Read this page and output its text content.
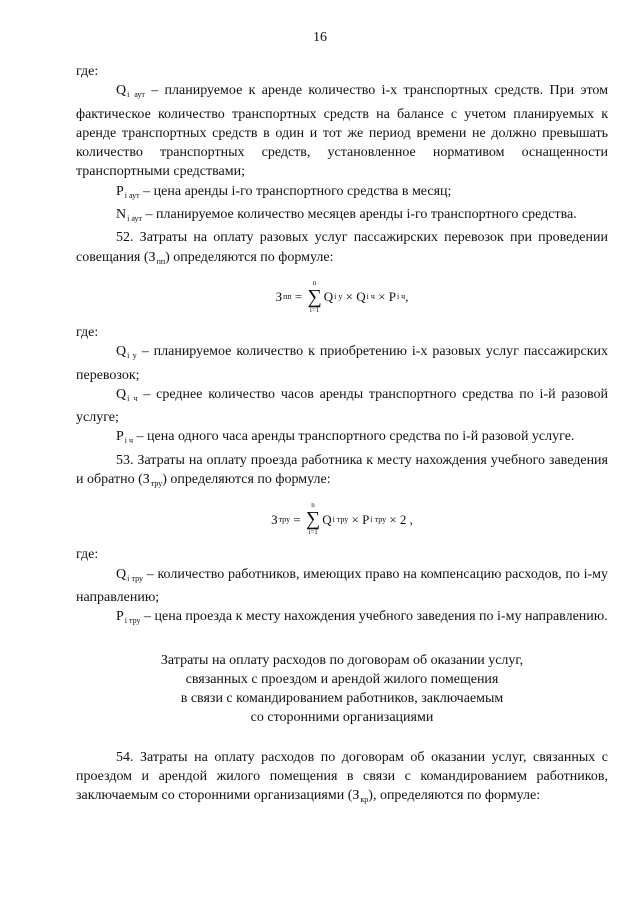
16

где:

$Q_{i аут}$ – планируемое к аренде количество i-х транспортных средств. При этом фактическое количество транспортных средств на балансе с учетом планируемых к аренде транспортных средств в один и тот же период времени не должно превышать количество транспортных средств, установленное нормативом оснащенности транспортными средствами;

$P_{i аут}$ – цена аренды i-го транспортного средства в месяц;

$N_{i аут}$ – планируемое количество месяцев аренды i-го транспортного средства.

52. Затраты на оплату разовых услуг пассажирских перевозок при проведении совещания $(З_{пп})$ определяются по формуле:

З пп =
n
∑
i=1
Q i у × Q i ч × P i ч ,

где:

$Q_{i у}$ – планируемое количество к приобретению i-х разовых услуг пассажирских перевозок;

$Q_{i ч}$ – среднее количество часов аренды транспортного средства по i-й разовой услуге;

$P_{i ч}$ – цена одного часа аренды транспортного средства по i-й разовой услуге.

53. Затраты на оплату проезда работника к месту нахождения учебного заведения и обратно $(З_{тру})$ определяются по формуле:

З тру =
n
∑
i=1
Q i тру × P i тру × 2 ,

где:

$Q_{i тру}$ – количество работников, имеющих право на компенсацию расходов, по i-му направлению;

$P_{i тру}$ – цена проезда к месту нахождения учебного заведения по i-му направлению.

Затраты на оплату расходов по договорам об оказании услуг,

связанных с проездом и арендой жилого помещения

в связи с командированием работников, заключаемым

со сторонними организациями

54. Затраты на оплату расходов по договорам об оказании услуг, связанных с проездом и арендой жилого помещения в связи с командированием работников, заключаемым со сторонними организациями $(З_{кр})$, определяются по формуле:
